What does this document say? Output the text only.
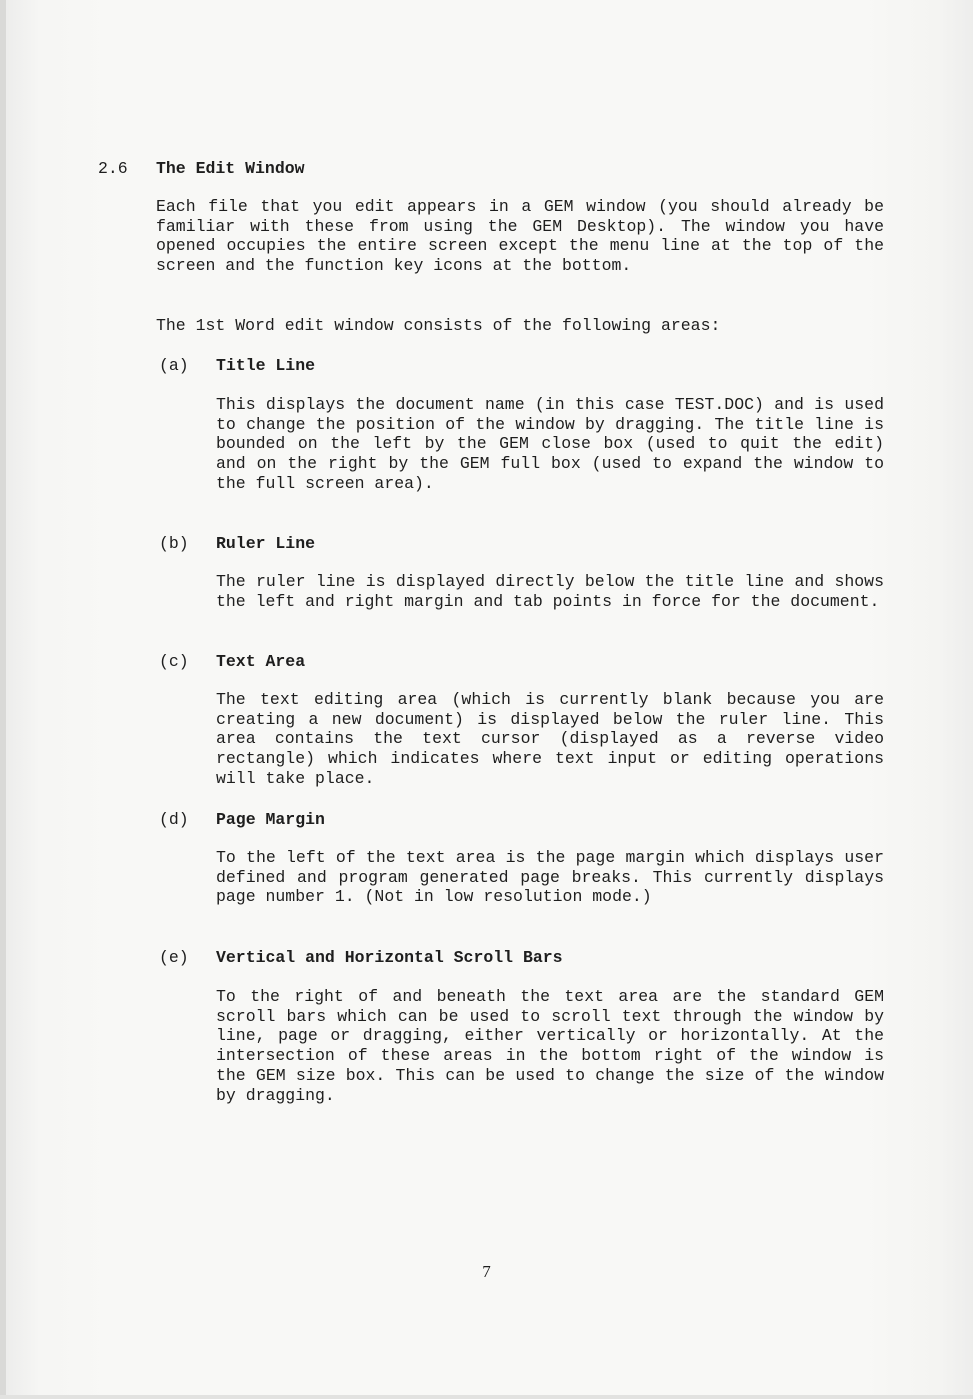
2.6 The Edit Window

Each file that you edit appears in a GEM window (you should already be familiar with these from using the GEM Desktop). The window you have opened occupies the entire screen except the menu line at the top of the screen and the function key icons at the bottom.

The 1st Word edit window consists of the following areas:

(a) Title Line

This displays the document name (in this case TEST.DOC) and is used to change the position of the window by dragging. The title line is bounded on the left by the GEM close box (used to quit the edit) and on the right by the GEM full box (used to expand the window to the full screen area).

(b) Ruler Line

The ruler line is displayed directly below the title line and shows the left and right margin and tab points in force for the document.

(c) Text Area

The text editing area (which is currently blank because you are creating a new document) is displayed below the ruler line. This area contains the text cursor (displayed as a reverse video rectangle) which indicates where text input or editing operations will take place.

(d) Page Margin

To the left of the text area is the page margin which displays user defined and program generated page breaks. This currently displays page number 1. (Not in low resolution mode.)

(e) Vertical and Horizontal Scroll Bars

To the right of and beneath the text area are the standard GEM scroll bars which can be used to scroll text through the window by line, page or dragging, either vertically or horizontally. At the intersection of these areas in the bottom right of the window is the GEM size box. This can be used to change the size of the window by dragging.

7
